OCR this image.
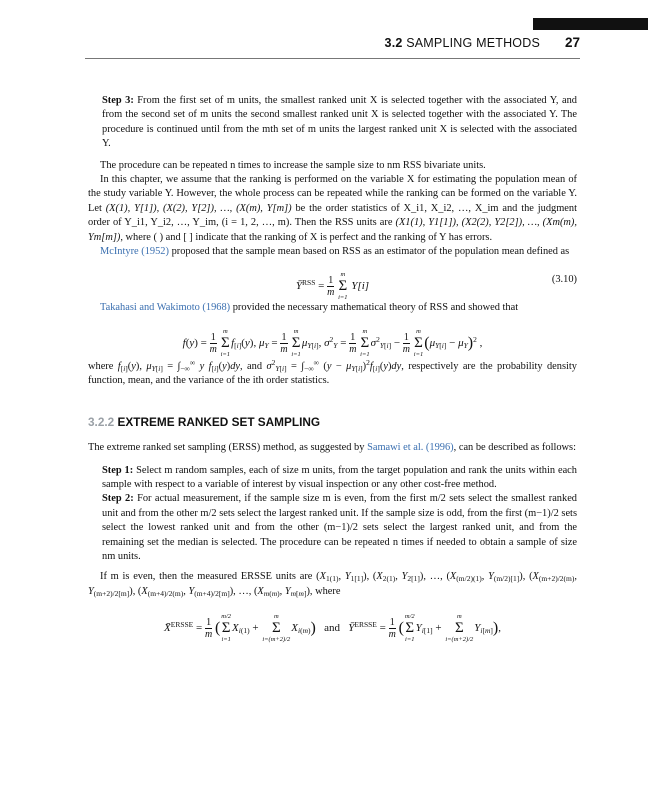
3.2 SAMPLING METHODS 27

Step 3: From the first set of m units, the smallest ranked unit X is selected together with the associated Y, and from the second set of m units the second smallest ranked unit X is selected together with the associated Y. The procedure is continued until from the mth set of m units the largest ranked unit X is selected with the associated Y.

The procedure can be repeated n times to increase the sample size to nm RSS bivariate units.

In this chapter, we assume that the ranking is performed on the variable X for estimating the population mean of the study variable Y. However, the whole process can be repeated while the ranking can be formed on the variable Y. Let (X(1), Y[1]), (X(2), Y[2]), …, (X(m), Y[m]) be the order statistics of X_i1, X_i2, …, X_im and the judgment order of Y_i1, Y_i2, …, Y_im, (i = 1, 2, …, m). Then the RSS units are (X1(1), Y1[1]), (X2(2), Y2[2]), …, (Xm(m), Ym[m]), where ( ) and [ ] indicate that the ranking of X is perfect and the ranking of Y has errors.

McIntyre (1952) proposed that the sample mean based on RSS as an estimator of the population mean defined as

$Ȳ^{RSS} = \frac{1}{m}$

m
Σ
i=1
Y[i]
(3.10)

Takahasi and Wakimoto (1968) provided the necessary mathematical theory of RSS and showed that

$f(y) = \frac{1}{m}$

m
Σ
i=1
$f_{[i]}(y)$, $\mu_Y = \frac{1}{m}$

m
Σ
i=1
$\mu_{Y[i]}$, $\sigma^2_Y = \frac{1}{m}$

m
Σ
i=1
$\sigma^2_{Y[i]} - \frac{1}{m}$

m
Σ
i=1
$(\mu_{Y[i]} - \mu_Y)^2$ ,

where $f_{[i]}(y)$, $\mu_{Y[i]} = \int_{-\infty}^\infty$ y $f_{[i]}(y)dy$, and $\sigma^2_{Y[i]} = \int_{-\infty}^\infty$ $(y - \mu_{Y[i]})^2f_{[i]}(y)dy$, respectively are the probability density function, mean, and the variance of the ith order statistics.

3.2.2 EXTREME RANKED SET SAMPLING

The extreme ranked set sampling (ERSS) method, as suggested by Samawi et al. (1996), can be described as follows:

Step 1: Select m random samples, each of size m units, from the target population and rank the units within each sample with respect to a variable of interest by visual inspection or any other cost-free method.

Step 2: For actual measurement, if the sample size m is even, from the first m/2 sets select the smallest ranked unit and from the other m/2 sets select the largest ranked unit. If the sample size is odd, from the first (m−1)/2 sets select the lowest ranked unit and from the other (m−1)/2 sets select the largest ranked unit, and from the remaining set the median is selected. The procedure can be repeated n times if needed to obtain a sample of size nm units.

If m is even, then the measured ERSSE units are ($X_{1(1)}$, $Y_{1[1]}$), ($X_{2(1)}$, $Y_{2[1]}$), …, ($X_{(m/2)(1)}$, $Y_{(m/2)[1]}$), ($X_{(m+2)/2(m)}$, $Y_{(m+2)/2[m]}$), ($X_{(m+4)/2(m)}$, $Y_{(m+4)/2[m]}$), …, ($X_{m(m)}$, $Y_{m[m]}$), where

X̄$^{ERSSE}$ = $\frac{1}{m}$ (
m/2
Σ
i=1
$X_{i(1)}$ +
m
Σ
i=(m+2)/2
$X_{i(m)}$) and $Ȳ^{ERSSE} = \frac{1}{m}$ (
m/2
Σ
i=1
$Y_{i[1]}$ +
m
Σ
i=(m+2)/2
$Y_{i[m]}$),
